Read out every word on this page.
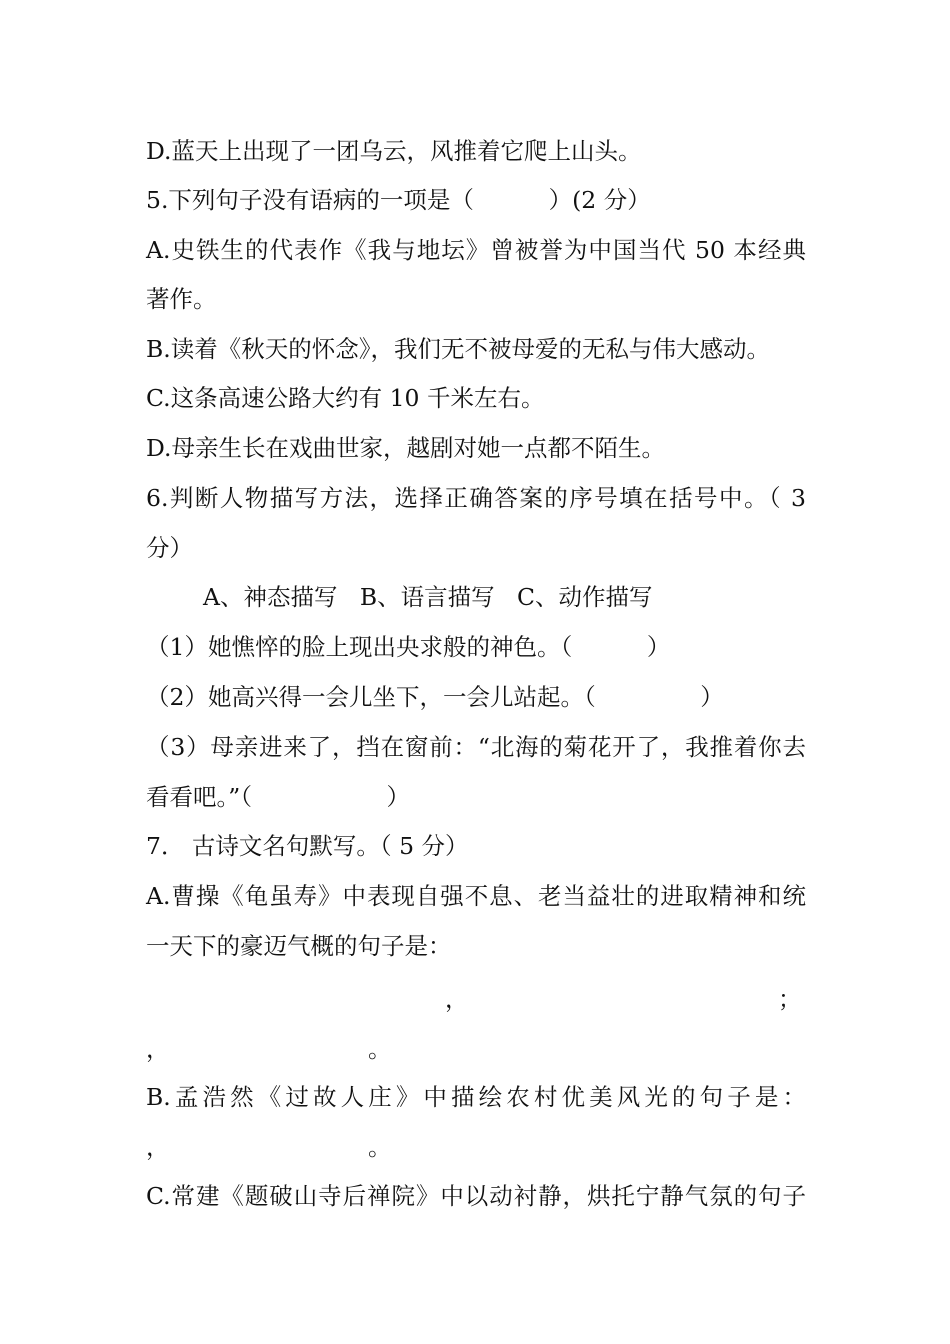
D.蓝天上出现了一团乌云，风推着它爬上山头。
5.下列句子没有语病的一项是（          ）(2 分）
A.史铁生的代表作《我与地坛》曾被誉为中国当代 50 本经典
著作。
B.读着《秋天的怀念》，我们无不被母爱的无私与伟大感动。
C.这条高速公路大约有 10 千米左右。
D.母亲生长在戏曲世家，越剧对她一点都不陌生。
6.判断人物描写方法，选择正确答案的序号填在括号中。（ 3
分）
A、神态描写   B、语言描写   C、动作描写
（1）她憔悴的脸上现出央求般的神色。（          ）
（2）她高兴得一会儿坐下，一会儿站起。（              ）
（3）母亲进来了，挡在窗前：“北海的菊花开了，我推着你去
看看吧。”（                  ）
7． 古诗文名句默写。（ 5 分）
A.曹操《龟虽寿》中表现自强不息、老当益壮的进取精神和统
一天下的豪迈气概的句子是：
，	；
，	。
B.孟浩然《过故人庄》中描绘农村优美风光的句子是：
，	。
C.常建《题破山寺后禅院》中以动衬静，烘托宁静气氛的句子
